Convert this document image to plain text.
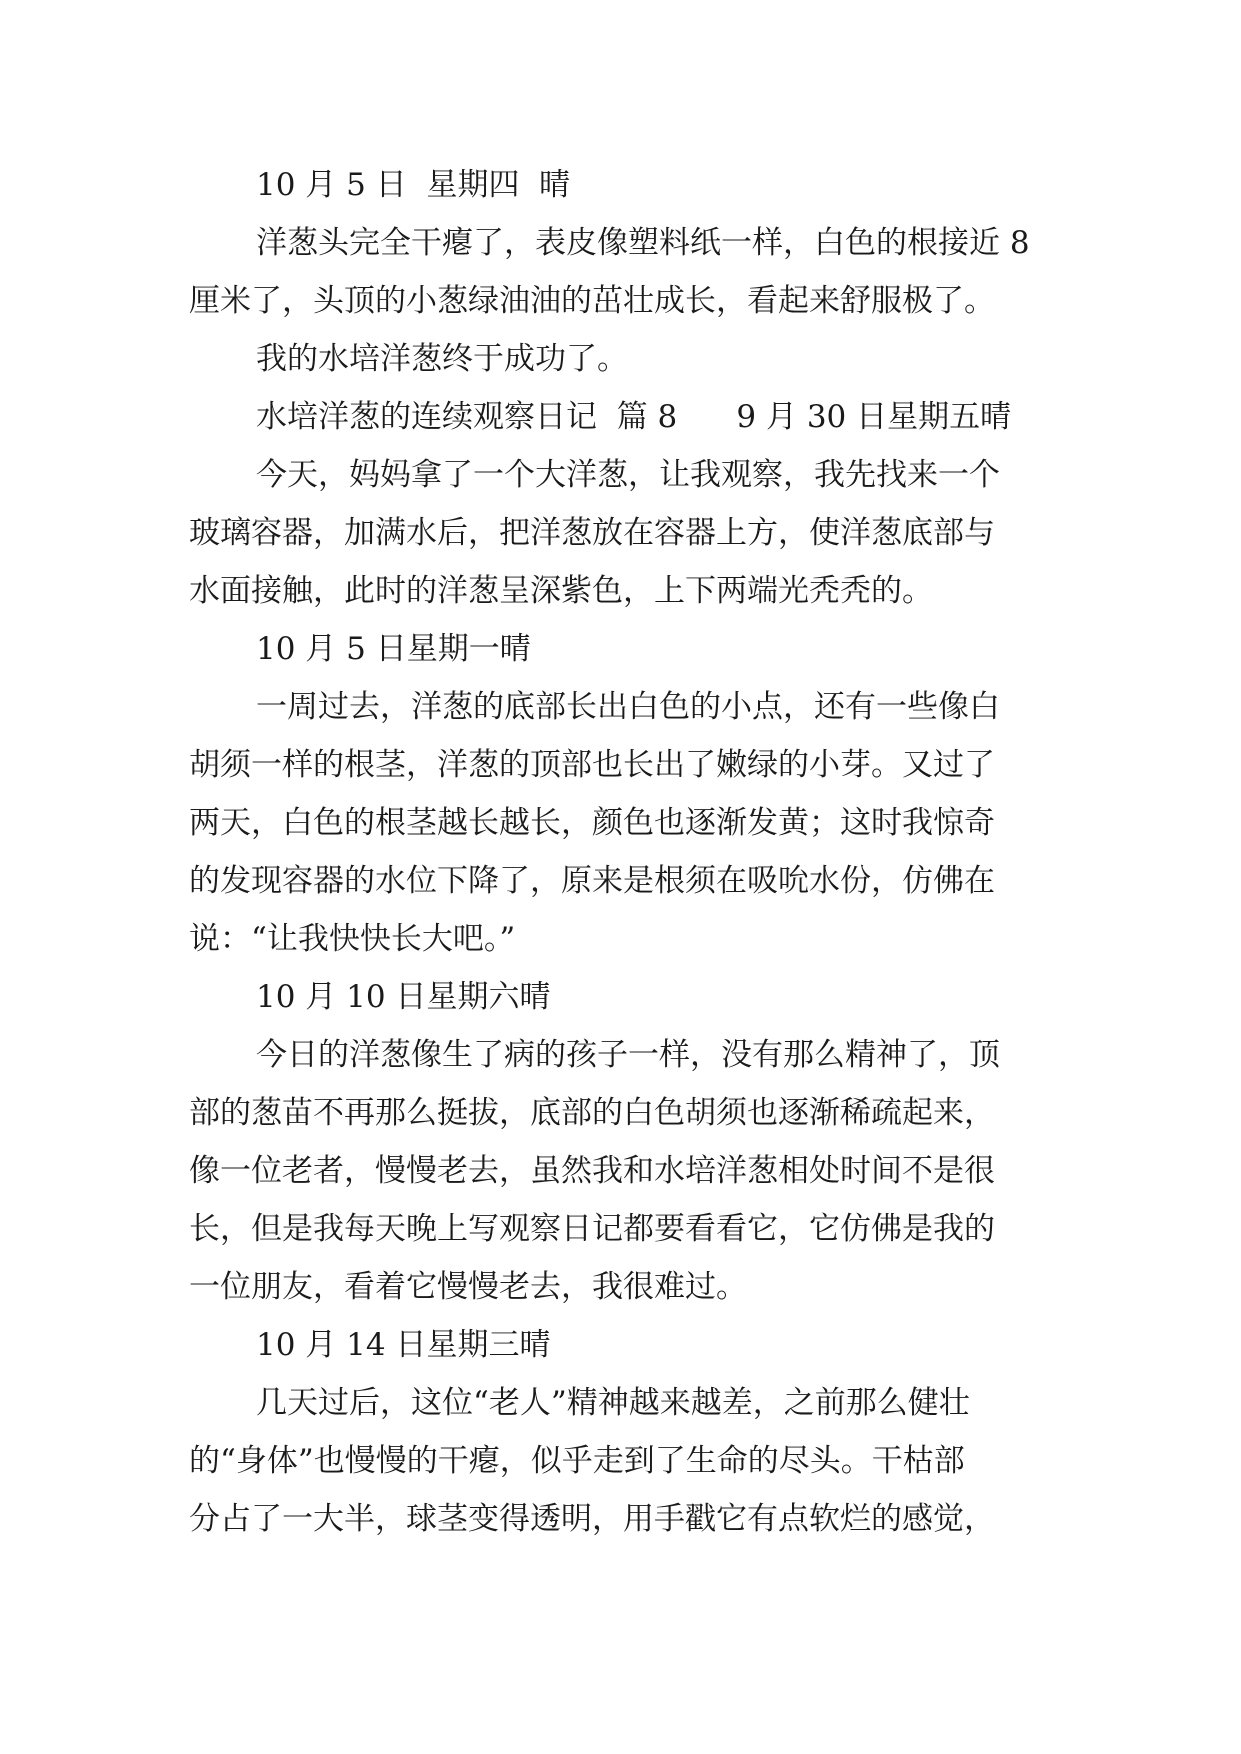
10 月 5 日  星期四  晴
洋葱头完全干瘪了，表皮像塑料纸一样，白色的根接近 8
厘米了，头顶的小葱绿油油的茁壮成长，看起来舒服极了。
我的水培洋葱终于成功了。
水培洋葱的连续观察日记  篇 8      9 月 30 日星期五晴
今天，妈妈拿了一个大洋葱，让我观察，我先找来一个
玻璃容器，加满水后，把洋葱放在容器上方，使洋葱底部与
水面接触，此时的洋葱呈深紫色，上下两端光秃秃的。
10 月 5 日星期一晴
一周过去，洋葱的底部长出白色的小点，还有一些像白
胡须一样的根茎，洋葱的顶部也长出了嫩绿的小芽。又过了
两天，白色的根茎越长越长，颜色也逐渐发黄；这时我惊奇
的发现容器的水位下降了，原来是根须在吸吮水份，仿佛在
说：“让我快快长大吧。”
10 月 10 日星期六晴
今日的洋葱像生了病的孩子一样，没有那么精神了，顶
部的葱苗不再那么挺拔，底部的白色胡须也逐渐稀疏起来，
像一位老者，慢慢老去，虽然我和水培洋葱相处时间不是很
长，但是我每天晚上写观察日记都要看看它，它仿佛是我的
一位朋友，看着它慢慢老去，我很难过。
10 月 14 日星期三晴
几天过后，这位“老人”精神越来越差，之前那么健壮
的“身体”也慢慢的干瘪，似乎走到了生命的尽头。干枯部
分占了一大半，球茎变得透明，用手戳它有点软烂的感觉，
